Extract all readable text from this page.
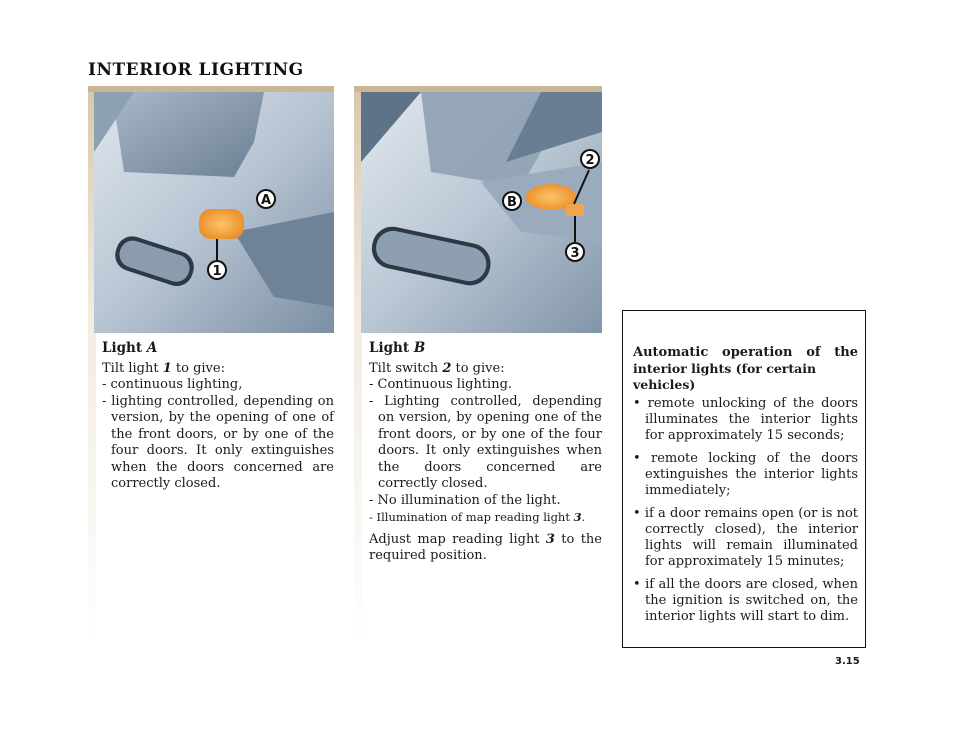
INTERIOR LIGHTING
A
1
2
B
3
Light A

Tilt light 1 to give:

- continuous lighting,

- lighting controlled, depending on version, by the opening of one of the front doors, or by one of the four doors. It only extinguishes when the doors concerned are correctly closed.

Light B

Tilt switch 2 to give:

- Continuous lighting.

- Lighting controlled, depending on version, by opening one of the front doors, or by one of the four doors. It only extinguishes when the doors concerned are correctly closed.

- No illumination of the light.

- Illumination of map reading light 3.

Adjust map reading light 3 to the required position.

Automatic operation of the

interior lights (for certain vehicles)

• remote unlocking of the doors illuminates the interior lights for approximately 15 seconds;

• remote locking of the doors extinguishes the interior lights immediately;

• if a door remains open (or is not correctly closed), the interior lights will remain illuminated for approximately 15 minutes;

• if all the doors are closed, when the ignition is switched on, the interior lights will start to dim.

3.15
